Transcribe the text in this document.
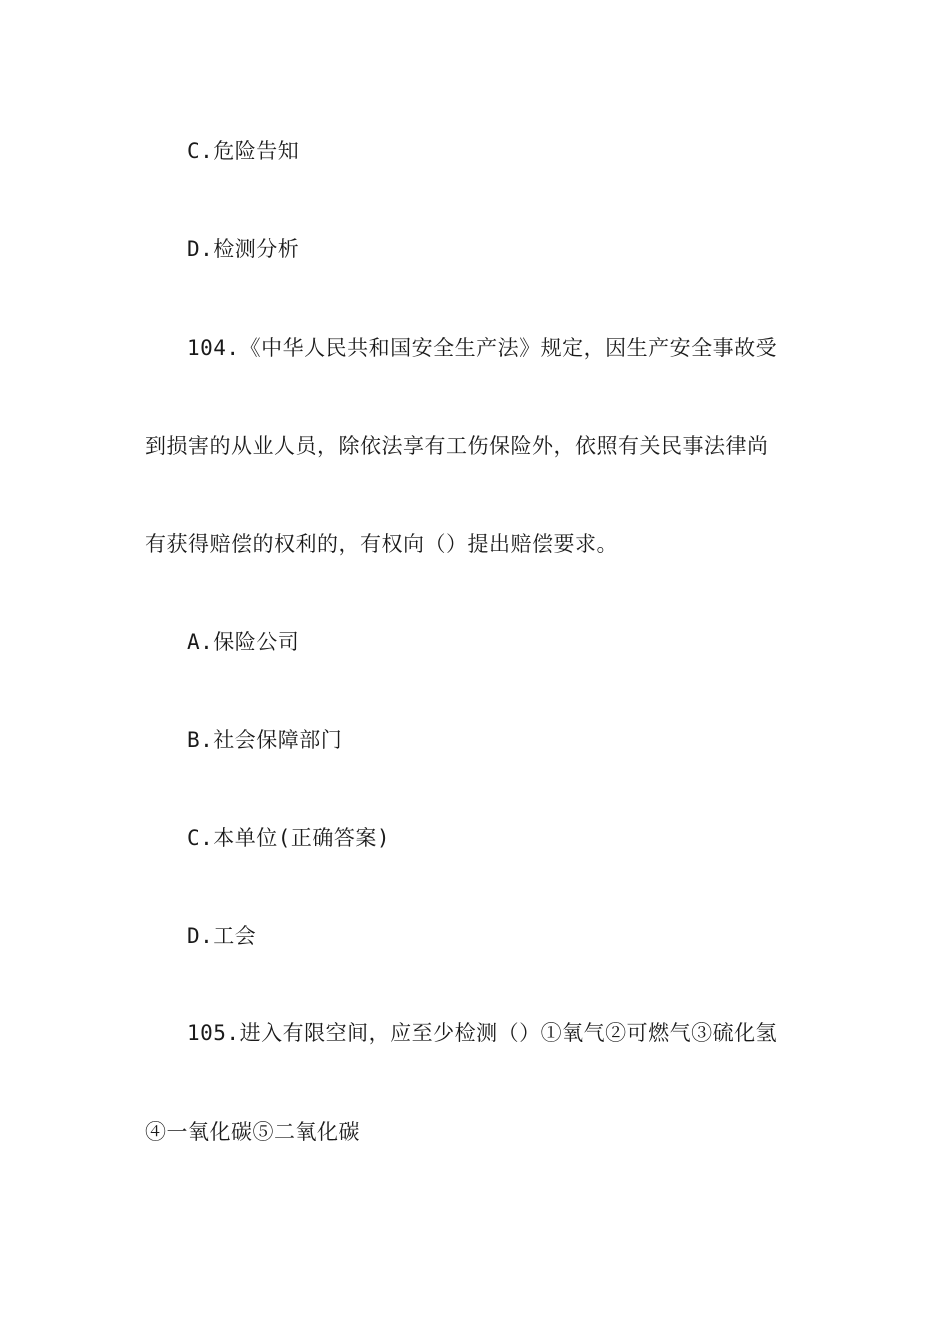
C.危险告知
D.检测分析
104.《中华人民共和国安全生产法》规定，因生产安全事故受
到损害的从业人员，除依法享有工伤保险外，依照有关民事法律尚
有获得赔偿的权利的，有权向（）提出赔偿要求。
A.保险公司
B.社会保障部门
C.本单位(正确答案)
D.工会
105.进入有限空间，应至少检测（）①氧气②可燃气③硫化氢
④一氧化碳⑤二氧化碳
